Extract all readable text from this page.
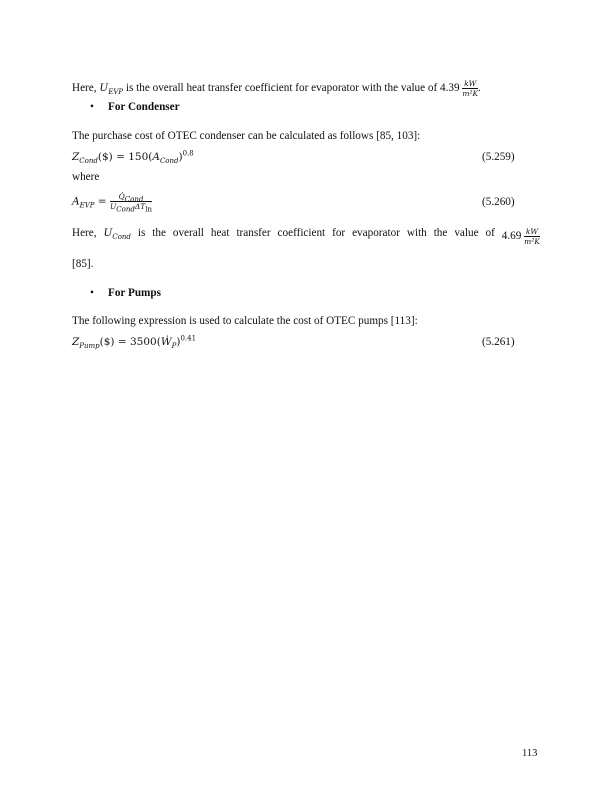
Here, $U_{EVP}$ is the overall heat transfer coefficient for evaporator with the value of $4.39 \frac{kW}{\text{m²K}}$ .
• For Condenser
The purchase cost of OTEC condenser can be calculated as follows [85, 103]:
$Z_{Cond}(\$) = 150(A_{Cond})^{0.8}$	(5.259)
where
$A_{EVP} = \frac{Q̇_{Cond}}{U_{Cond}\Delta T_{ln}}$	(5.260)
Here, $U_{Cond}$ is the overall heat transfer coefficient for evaporator with the value of $4.69 \frac{kW}{\text{m²K}}$
[85].
• For Pumps
The following expression is used to calculate the cost of OTEC pumps [113]:
$Z_{Pump}(\$)$ = 3500(Ẇ$_P$)$^{0.41}$	(5.261)
113
